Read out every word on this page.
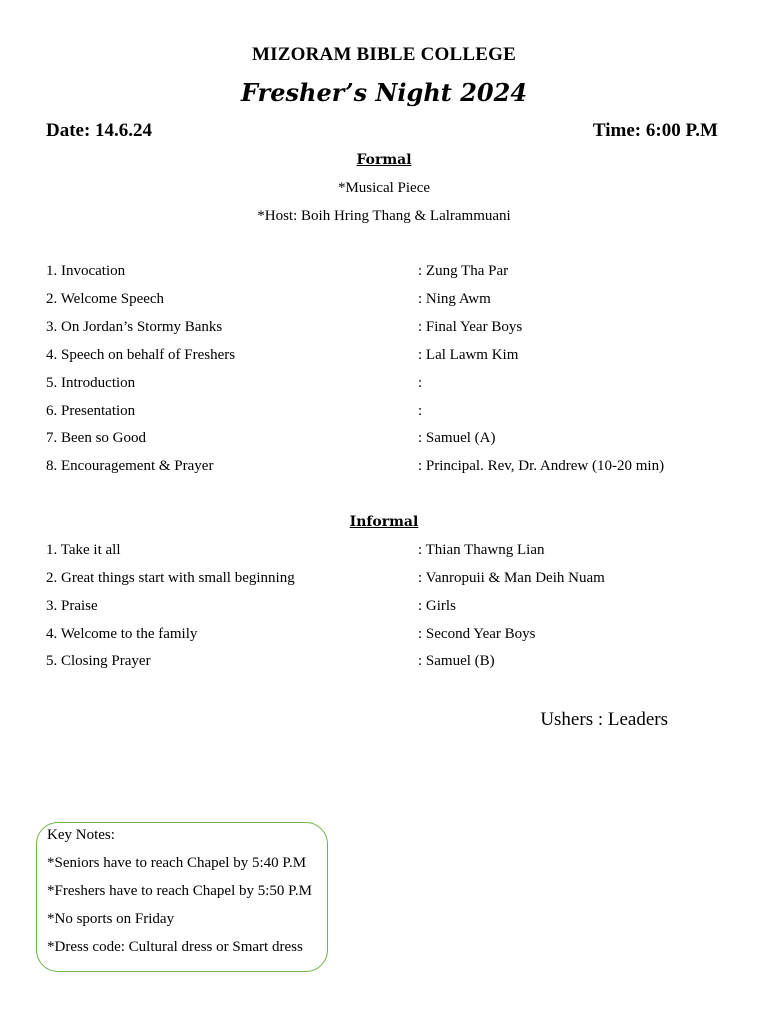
MIZORAM BIBLE COLLEGE
Fresher’s Night 2024
Date: 14.6.24	Time: 6:00 P.M
Formal
*Musical Piece
*Host: Boih Hring Thang & Lalrammuani
1. Invocation	: Zung Tha Par
2. Welcome Speech	: Ning Awm
3. On Jordan’s Stormy Banks	: Final Year Boys
4. Speech on behalf of Freshers	: Lal Lawm Kim
5. Introduction	:
6. Presentation	:
7. Been so Good	: Samuel (A)
8. Encouragement & Prayer	: Principal. Rev, Dr. Andrew (10-20 min)
Informal
1. Take it all	: Thian Thawng Lian
2. Great things start with small beginning	: Vanropuii & Man Deih Nuam
3. Praise	: Girls
4. Welcome to the family	: Second Year Boys
5. Closing Prayer	: Samuel (B)
Ushers : Leaders
Key Notes:
*Seniors have to reach Chapel by 5:40 P.M
*Freshers have to reach Chapel by 5:50 P.M
*No sports on Friday
*Dress code: Cultural dress or Smart dress
